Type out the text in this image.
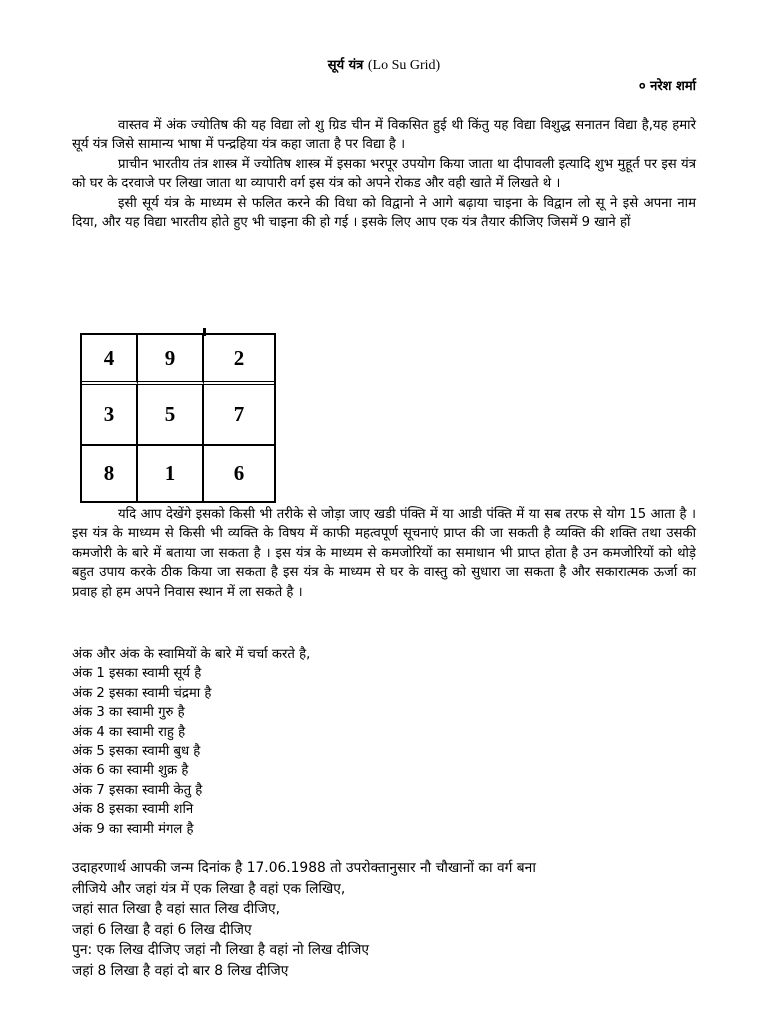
सूर्य यंत्र (Lo Su Grid)
० नरेश शर्मा

वास्तव में अंक ज्योतिष की यह विद्या लो शु ग्रिड चीन में विकसित हुई थी किंतु यह विद्या विशुद्ध सनातन विद्या है,यह हमारे सूर्य यंत्र जिसे सामान्य भाषा में पन्द्रहिया यंत्र कहा जाता है पर विद्या है ।

प्राचीन भारतीय तंत्र शास्त्र में ज्योतिष शास्त्र में इसका भरपूर उपयोग किया जाता था दीपावली इत्यादि शुभ मुहूर्त पर इस यंत्र को घर के दरवाजे पर लिखा जाता था व्यापारी वर्ग इस यंत्र को अपने रोकड और वही खाते में लिखते थे ।

इसी सूर्य यंत्र के माध्यम से फलित करने की विधा को विद्वानो ने आगे बढ़ाया चाइना के विद्वान लो सू ने इसे अपना नाम दिया, और यह विद्या भारतीय होते हुए भी चाइना की हो गई । इसके लिए आप एक यंत्र तैयार कीजिए जिसमें 9 खाने हों

4	9	2
3	5	7
8	1	6

यदि आप देखेंगे इसको किसी भी तरीके से जोड़ा जाए खडी पंक्ति में या आडी पंक्ति में या सब तरफ से योग 15 आता है । इस यंत्र के माध्यम से किसी भी व्यक्ति के विषय में काफी महत्वपूर्ण सूचनाएं प्राप्त की जा सकती है व्यक्ति की शक्ति तथा उसकी कमजोरी के बारे में बताया जा सकता है । इस यंत्र के माध्यम से कमजोरियों का समाधान भी प्राप्त होता है उन कमजोरियों को थोड़े बहुत उपाय करके ठीक किया जा सकता है इस यंत्र के माध्यम से घर के वास्तु को सुधारा जा सकता है और सकारात्मक ऊर्जा का प्रवाह हो हम अपने निवास स्थान में ला सकते है ।

अंक और अंक के स्वामियों के बारे में चर्चा करते है,
अंक 1 इसका स्वामी सूर्य है
अंक 2 इसका स्वामी चंद्रमा है
अंक 3 का स्वामी गुरु है
अंक 4 का स्वामी राहु है
अंक 5 इसका स्वामी बुध है
अंक 6 का स्वामी शुक्र है
अंक 7 इसका स्वामी केतु है
अंक 8 इसका स्वामी शनि
अंक 9 का स्वामी मंगल है
उदाहरणार्थ आपकी जन्म दिनांक है 17.06.1988 तो उपरोक्तानुसार नौ चौखानों का वर्ग बना
लीजिये और जहां यंत्र में एक लिखा है वहां एक लिखिए,
जहां सात लिखा है वहां सात लिख दीजिए,
जहां 6 लिखा है वहां 6 लिख दीजिए
पुन: एक लिख दीजिए जहां नौ लिखा है वहां नो लिख दीजिए
जहां 8 लिखा है वहां दो बार 8 लिख दीजिए
